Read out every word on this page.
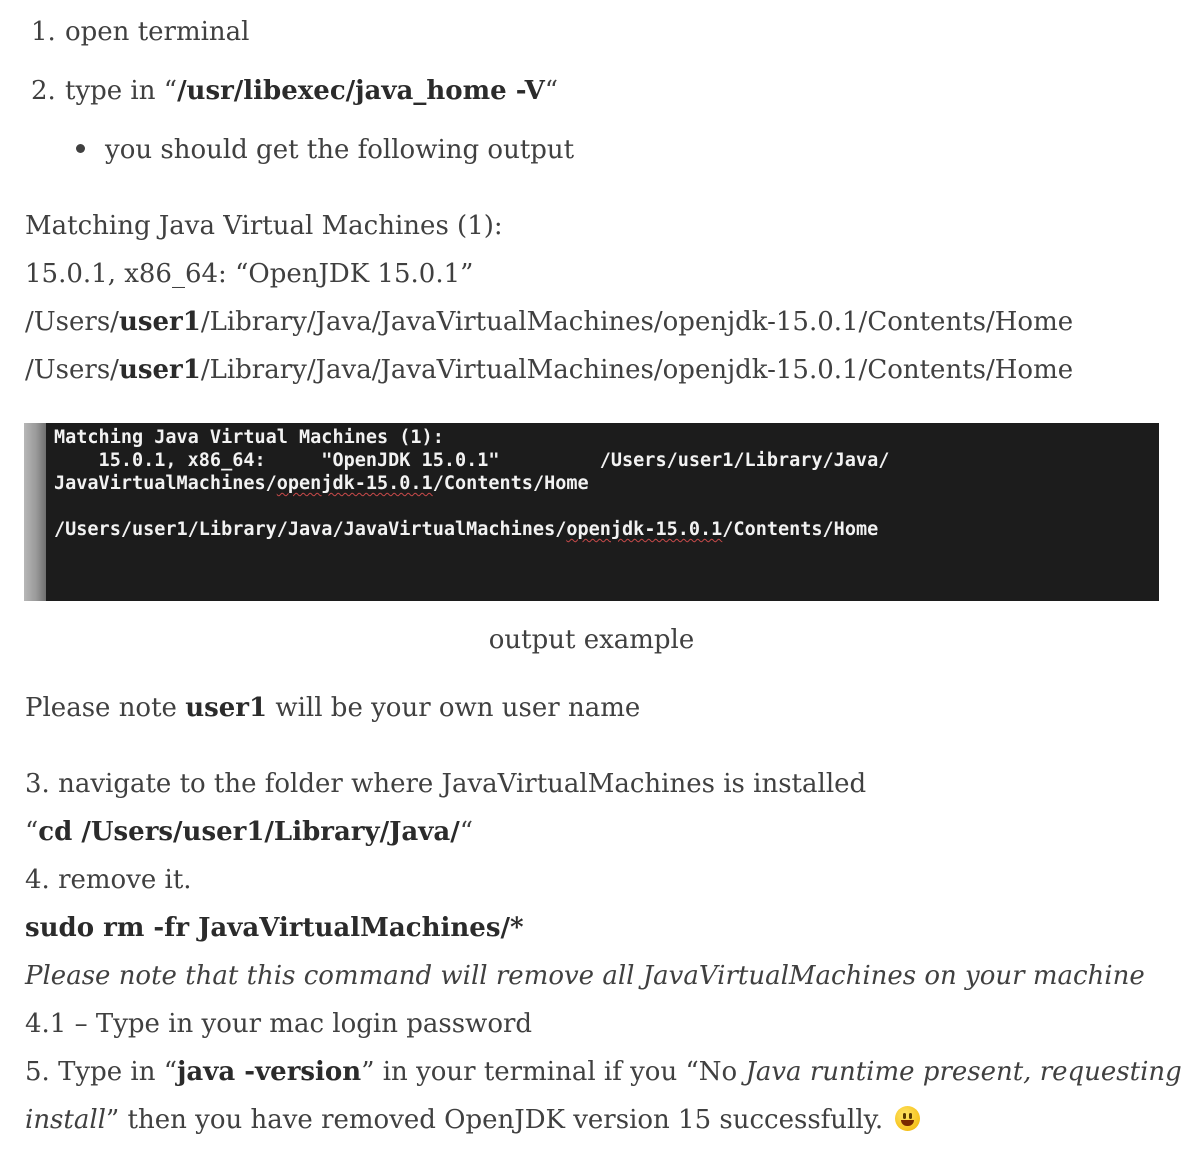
1. open terminal
2. type in “/usr/libexec/java_home -V“
you should get the following output
Matching Java Virtual Machines (1):
15.0.1, x86_64: “OpenJDK 15.0.1”
/Users/user1/Library/Java/JavaVirtualMachines/openjdk-15.0.1/Contents/Home
/Users/user1/Library/Java/JavaVirtualMachines/openjdk-15.0.1/Contents/Home
Matching Java Virtual Machines (1):
15.0.1, x86_64:     "OpenJDK 15.0.1"         /Users/user1/Library/Java/
JavaVirtualMachines/openjdk-15.0.1/Contents/Home

/Users/user1/Library/Java/JavaVirtualMachines/openjdk-15.0.1/Contents/Home
output example
Please note user1 will be your own user name
3. navigate to the folder where JavaVirtualMachines is installed
“cd /Users/user1/Library/Java/“
4. remove it.
sudo rm -fr JavaVirtualMachines/*
Please note that this command will remove all JavaVirtualMachines on your machine
4.1 – Type in your mac login password
5. Type in “java -version” in your terminal if you “No Java runtime present, requesting
install” then you have removed OpenJDK version 15 successfully.
